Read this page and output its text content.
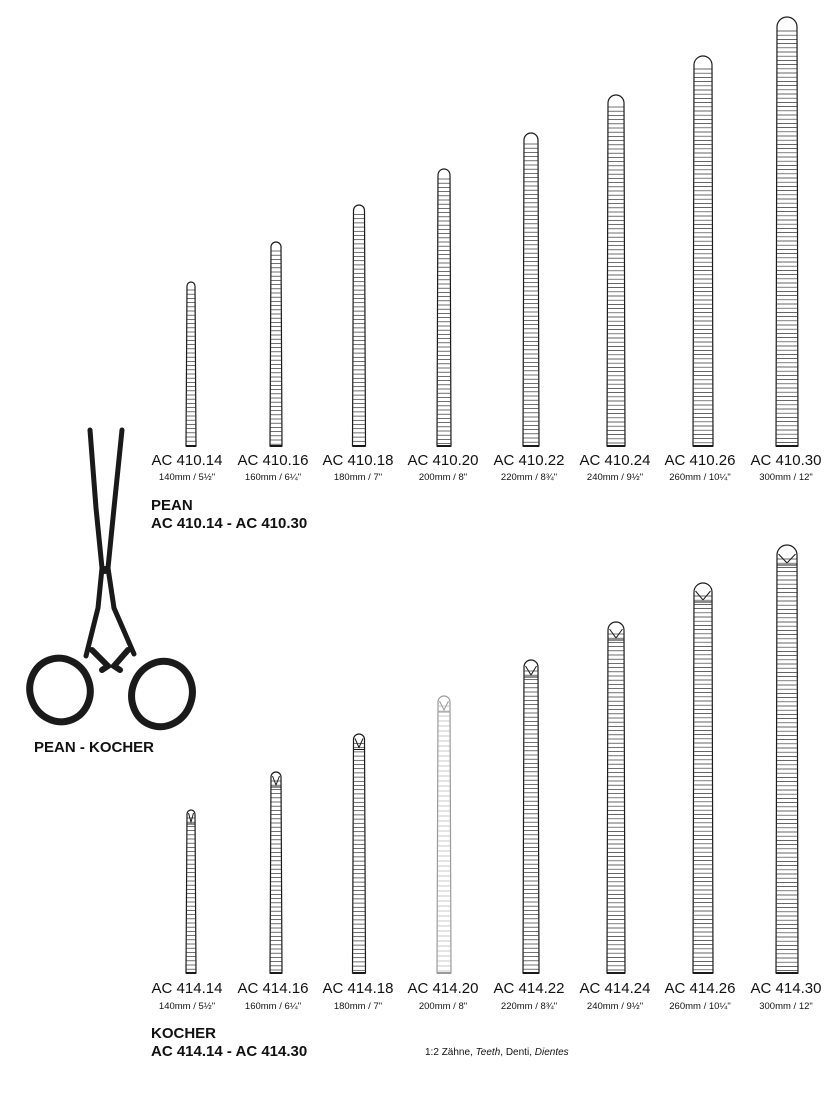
AC 410.14	AC 410.16 AC 410.18 AC 410.20	AC 410.22	AC 410.24 AC 410.26	AC 410.30
140mm / 5½"	160mm / 6¼"	180mm / 7"	200mm / 8"	220mm / 8¾"	240mm / 9½"	260mm / 10¼"	300mm / 12"
PEAN
AC 410.14 - AC 410.30
PEAN - KOCHER
AC 414.14	AC 414.16 AC 414.18 AC 414.20	AC 414.22	AC 414.24 AC 414.26	AC 414.30
140mm / 5½"	160mm / 6¼"	180mm / 7"	200mm / 8"	220mm / 8¾"	240mm / 9½"	260mm / 10¼"	300mm / 12"
KOCHER
AC 414.14 - AC 414.30	1:2 Zähne, Teeth, Denti, Dientes
